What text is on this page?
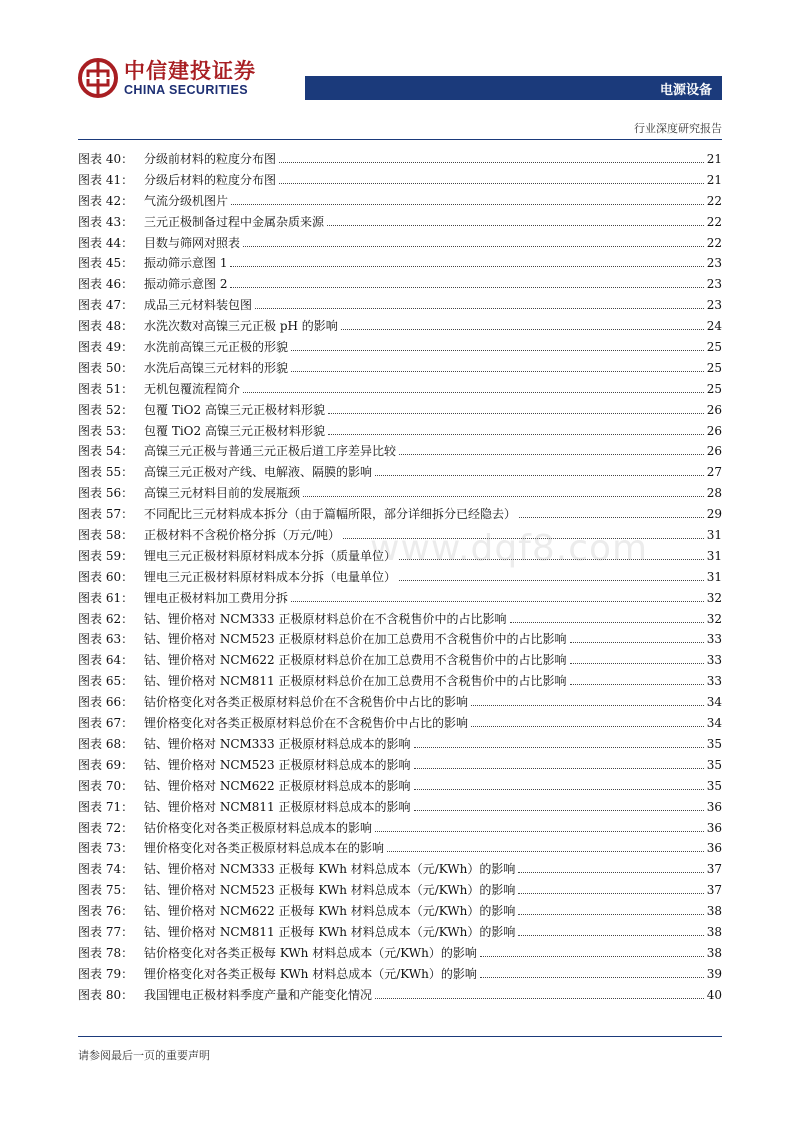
中信建投证券
CHINA SECURITIES	电源设备
行业深度研究报告
图表 40： 分级前材料的粒度分布图	21
图表 41： 分级后材料的粒度分布图	21
图表 42： 气流分级机图片	22
图表 43： 三元正极制备过程中金属杂质来源	22
图表 44： 目数与筛网对照表	22
图表 45： 振动筛示意图 1	23
图表 46： 振动筛示意图 2	23
图表 47： 成品三元材料装包图	23
图表 48： 水洗次数对高镍三元正极 pH 的影响	24
图表 49： 水洗前高镍三元正极的形貌	25
图表 50： 水洗后高镍三元材料的形貌	25
图表 51： 无机包覆流程简介	25
图表 52： 包覆 TiO2 高镍三元正极材料形貌	26
图表 53： 包覆 TiO2 高镍三元正极材料形貌	26
图表 54： 高镍三元正极与普通三元正极后道工序差异比较	26
图表 55： 高镍三元正极对产线、电解液、隔膜的影响	27
图表 56： 高镍三元材料目前的发展瓶颈	28
图表 57： 不同配比三元材料成本拆分（由于篇幅所限，部分详细拆分已经隐去）	29
图表 58： 正极材料不含税价格分拆（万元/吨）	31
图表 59： 锂电三元正极材料原材料成本分拆（质量单位）	31
图表 60： 锂电三元正极材料原材料成本分拆（电量单位）	31
图表 61： 锂电正极材料加工费用分拆	32
图表 62： 钴、锂价格对 NCM333 正极原材料总价在不含税售价中的占比影响	32
图表 63： 钴、锂价格对 NCM523 正极原材料总价在加工总费用不含税售价中的占比影响	33
图表 64： 钴、锂价格对 NCM622 正极原材料总价在加工总费用不含税售价中的占比影响	33
图表 65： 钴、锂价格对 NCM811 正极原材料总价在加工总费用不含税售价中的占比影响	33
图表 66： 钴价格变化对各类正极原材料总价在不含税售价中占比的影响	34
图表 67： 锂价格变化对各类正极原材料总价在不含税售价中占比的影响	34
图表 68： 钴、锂价格对 NCM333 正极原材料总成本的影响	35
图表 69： 钴、锂价格对 NCM523 正极原材料总成本的影响	35
图表 70： 钴、锂价格对 NCM622 正极原材料总成本的影响	35
图表 71： 钴、锂价格对 NCM811 正极原材料总成本的影响	36
图表 72： 钴价格变化对各类正极原材料总成本的影响	36
图表 73： 锂价格变化对各类正极原材料总成本在的影响	36
图表 74： 钴、锂价格对 NCM333 正极每 KWh 材料总成本（元/KWh）的影响	37
图表 75： 钴、锂价格对 NCM523 正极每 KWh 材料总成本（元/KWh）的影响	37
图表 76： 钴、锂价格对 NCM622 正极每 KWh 材料总成本（元/KWh）的影响	38
图表 77： 钴、锂价格对 NCM811 正极每 KWh 材料总成本（元/KWh）的影响	38
图表 78： 钴价格变化对各类正极每 KWh 材料总成本（元/KWh）的影响	38
图表 79： 锂价格变化对各类正极每 KWh 材料总成本（元/KWh）的影响	39
图表 80： 我国锂电正极材料季度产量和产能变化情况	40
www.dqf8.com
请参阅最后一页的重要声明
